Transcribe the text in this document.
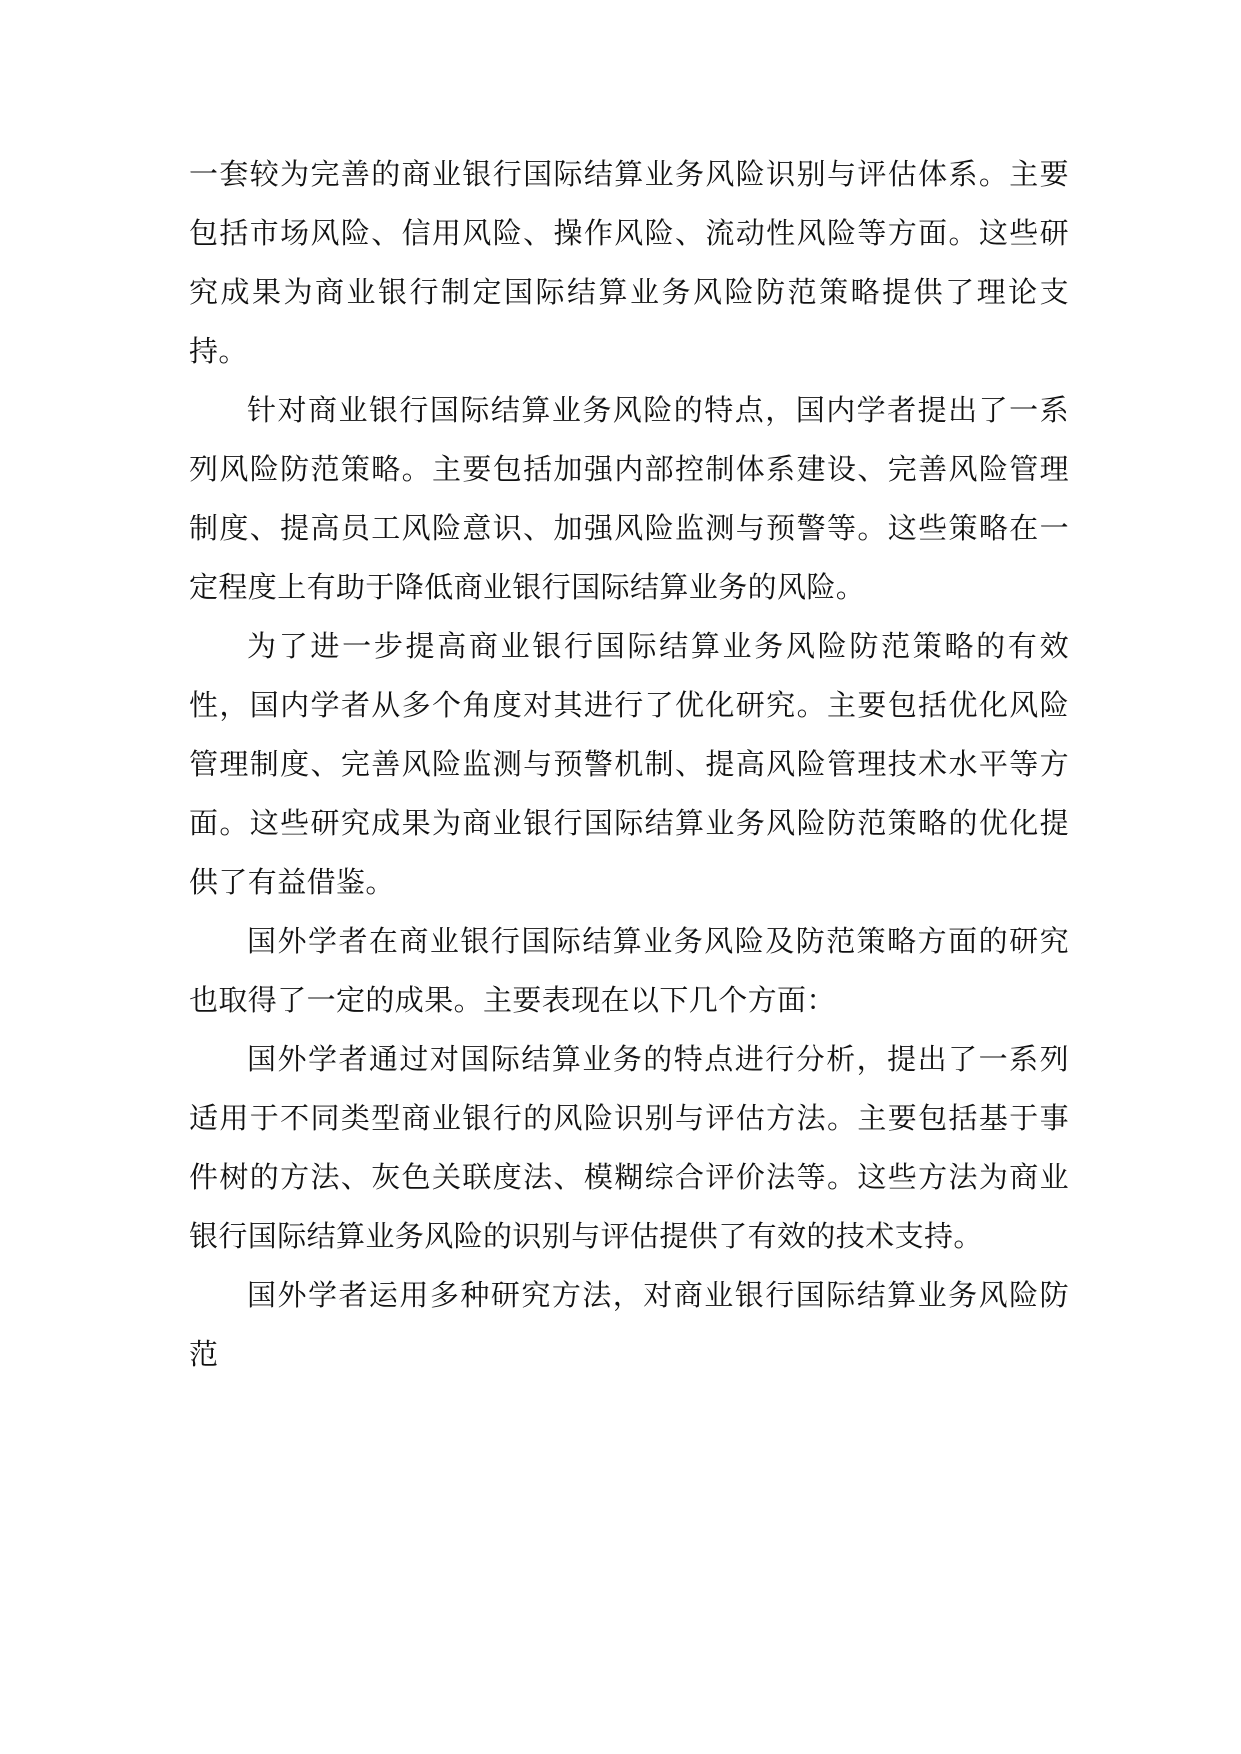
一套较为完善的商业银行国际结算业务风险识别与评估体系。主要包括市场风险、信用风险、操作风险、流动性风险等方面。这些研究成果为商业银行制定国际结算业务风险防范策略提供了理论支持。

针对商业银行国际结算业务风险的特点，国内学者提出了一系列风险防范策略。主要包括加强内部控制体系建设、完善风险管理制度、提高员工风险意识、加强风险监测与预警等。这些策略在一定程度上有助于降低商业银行国际结算业务的风险。

为了进一步提高商业银行国际结算业务风险防范策略的有效性，国内学者从多个角度对其进行了优化研究。主要包括优化风险管理制度、完善风险监测与预警机制、提高风险管理技术水平等方面。这些研究成果为商业银行国际结算业务风险防范策略的优化提供了有益借鉴。

国外学者在商业银行国际结算业务风险及防范策略方面的研究也取得了一定的成果。主要表现在以下几个方面：

国外学者通过对国际结算业务的特点进行分析，提出了一系列适用于不同类型商业银行的风险识别与评估方法。主要包括基于事件树的方法、灰色关联度法、模糊综合评价法等。这些方法为商业银行国际结算业务风险的识别与评估提供了有效的技术支持。

国外学者运用多种研究方法，对商业银行国际结算业务风险防范
